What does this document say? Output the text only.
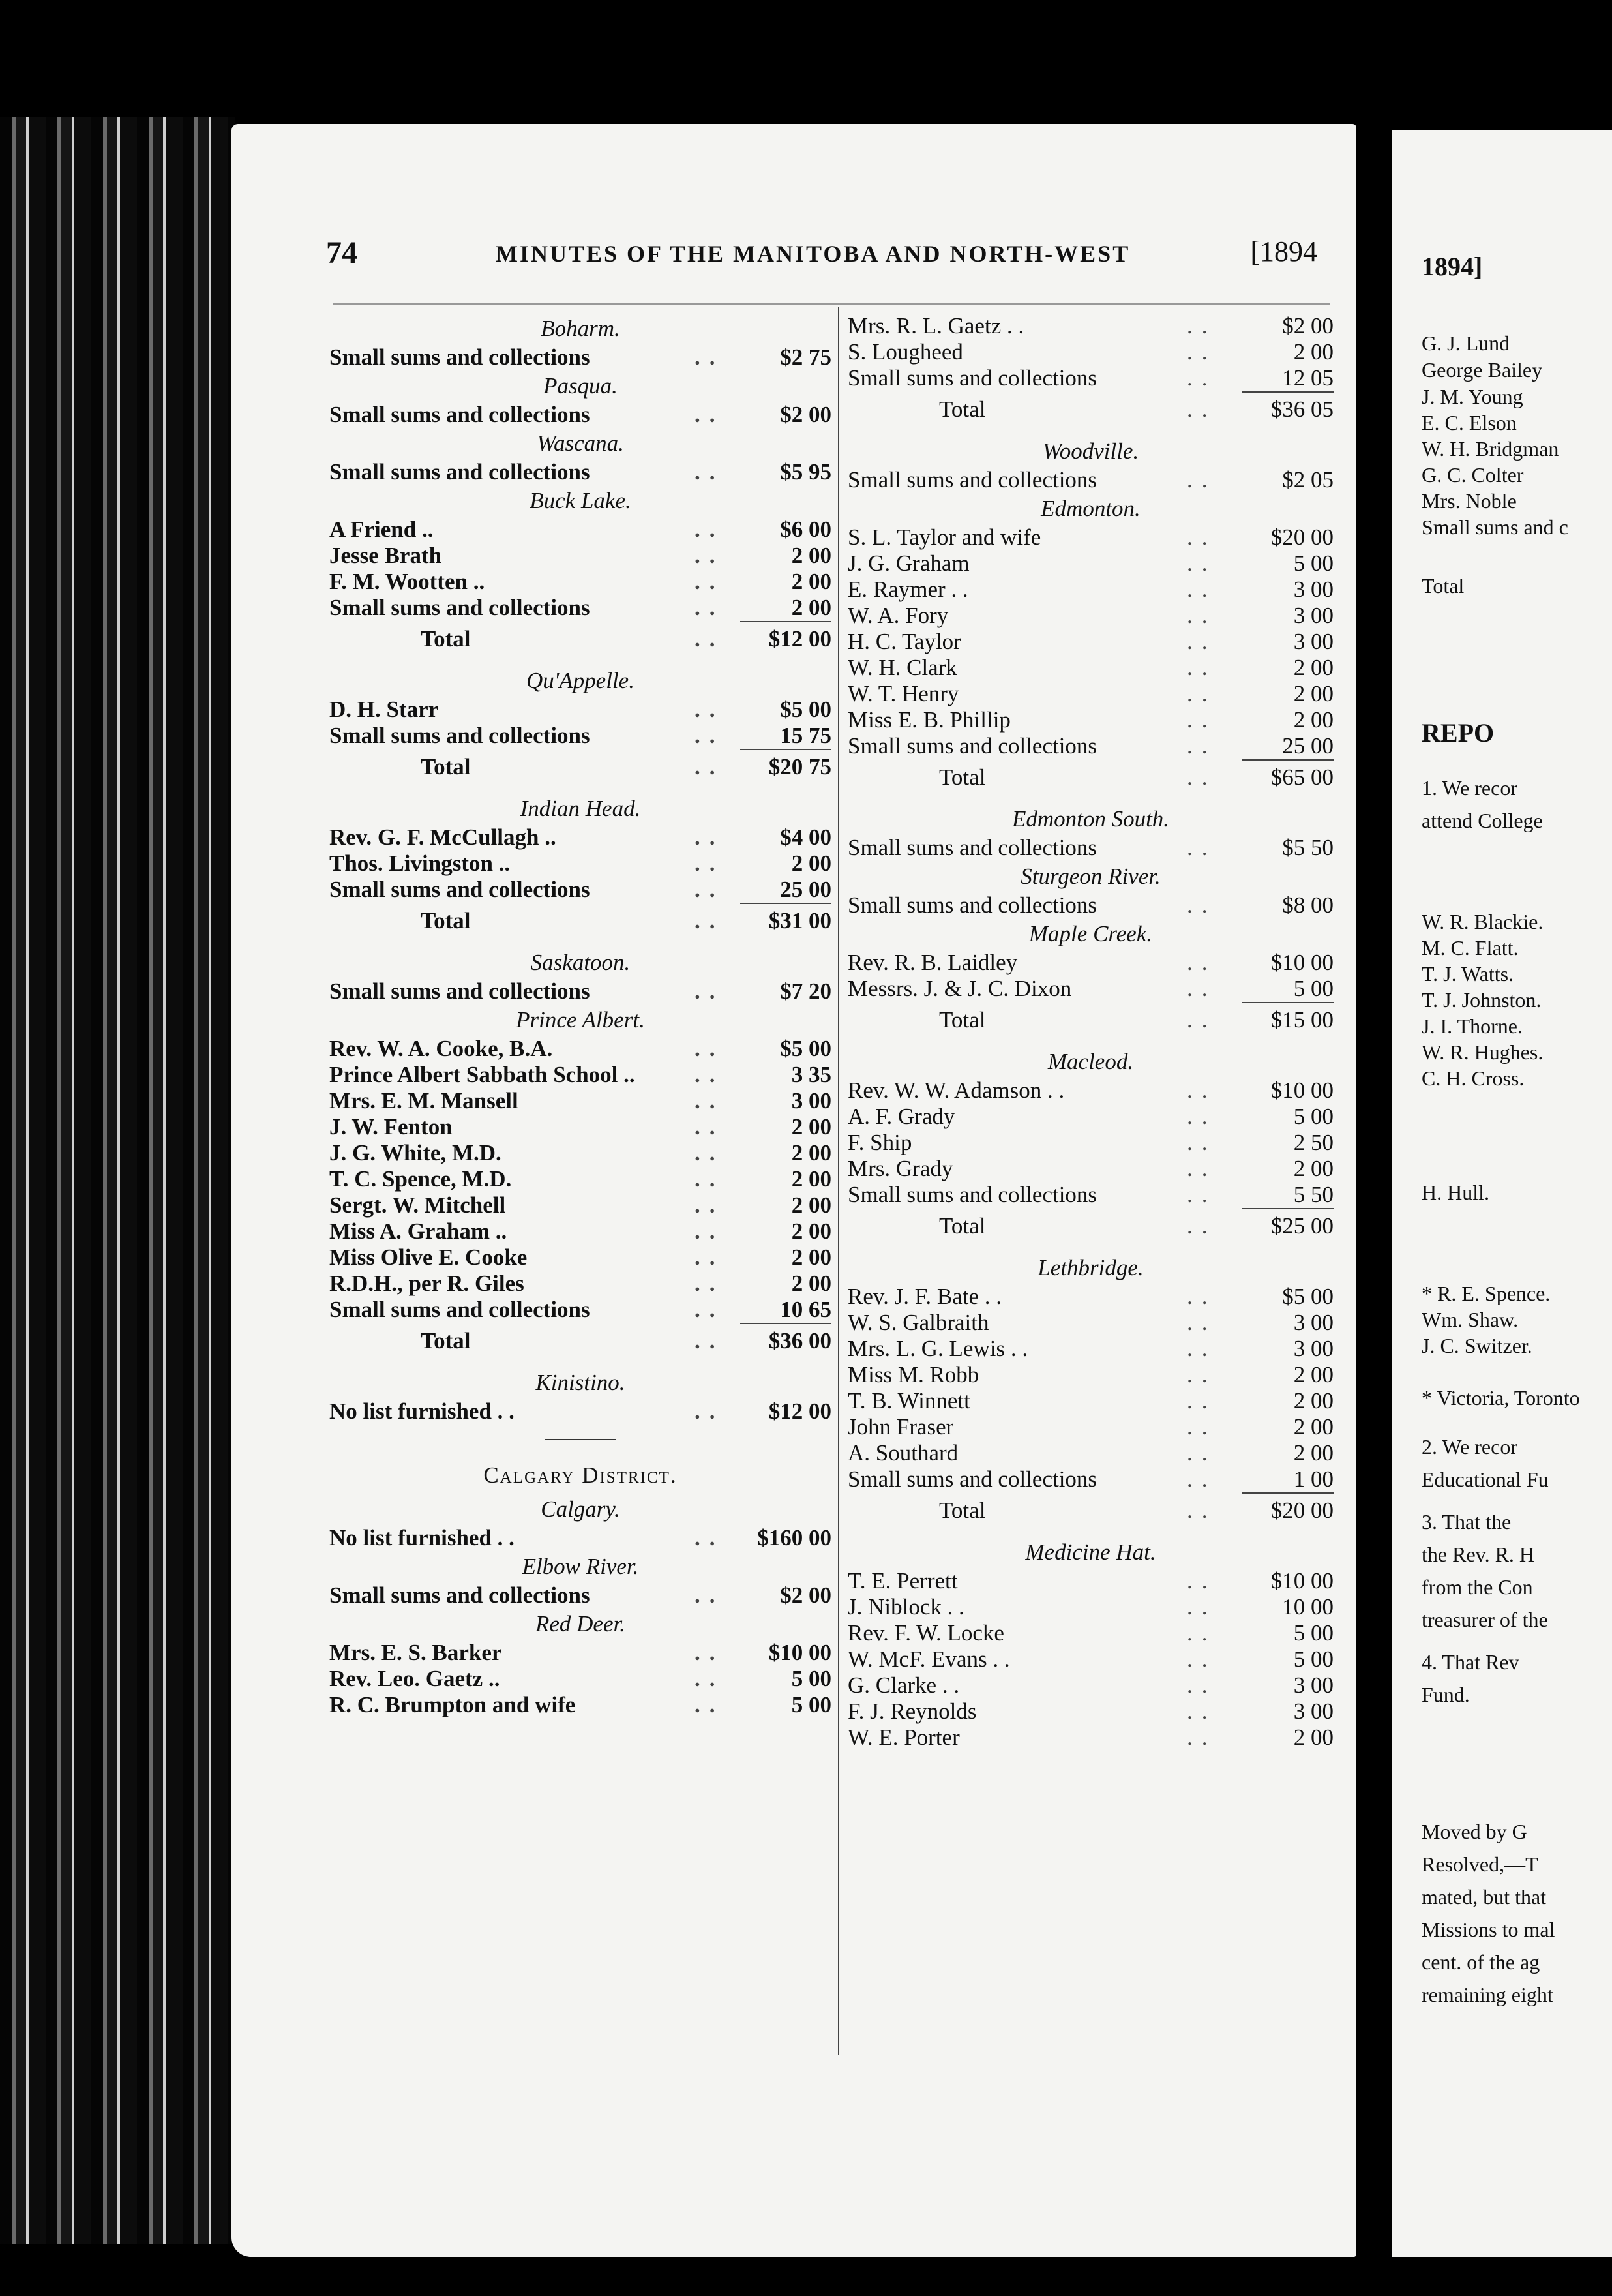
74	MINUTES OF THE MANITOBA AND NORTH-WEST	[1894
Boharm.
Small sums and collections	.. $2 75
Pasqua.
Small sums and collections	.. $2 00
Wascana.
Small sums and collections	.. $5 95
Buck Lake.
A Friend ..	.. $6 00
Jesse Brath	..	2 00
F. M. Wootten ..	..	2 00
Small sums and collections	..	2 00
Total	.. $12 00
Qu'Appelle.
D. H. Starr	.. $5 00
Small sums and collections	.. 15 75
Total	.. $20 75
Indian Head.
Rev. G. F. McCullagh ..	.. $4 00
Thos. Livingston ..	..	2 00
Small sums and collections	.. 25 00
Total	.. $31 00
Saskatoon.
Small sums and collections	.. $7 20
Prince Albert.
Rev. W. A. Cooke, B.A.	.. $5 00
Prince Albert Sabbath School ..	..	3 35
Mrs. E. M. Mansell	..	3 00
J. W. Fenton	..	2 00
J. G. White, M.D.	..	2 00
T. C. Spence, M.D.	..	2 00
Sergt. W. Mitchell	..	2 00
Miss A. Graham ..	..	2 00
Miss Olive E. Cooke	..	2 00
R.D.H., per R. Giles	..	2 00
Small sums and collections	.. 10 65
Total	.. $36 00
Kinistino.
No list furnished . .	.. $12 00
Calgary District.
Calgary.
No list furnished . .	.. $160 00
Elbow River.
Small sums and collections	.. $2 00
Red Deer.
Mrs. E. S. Barker	.. $10 00
Rev. Leo. Gaetz ..	..	5 00
R. C. Brumpton and wife	..	5 00
Mrs. R. L. Gaetz . .	..	$2 00
S. Lougheed	..	2 00
Small sums and collections	..	12 05
Total	.. $36 05
Woodville.
Small sums and collections	..	$2 05
Edmonton.
S. L. Taylor and wife	.. $20 00
J. G. Graham	..	5 00
E. Raymer . .	..	3 00
W. A. Fory	..	3 00
H. C. Taylor	..	3 00
W. H. Clark	..	2 00
W. T. Henry	..	2 00
Miss E. B. Phillip	..	2 00
Small sums and collections	..	25 00
Total	.. $65 00
Edmonton South.
Small sums and collections	..	$5 50
Sturgeon River.
Small sums and collections	..	$8 00
Maple Creek.
Rev. R. B. Laidley	.. $10 00
Messrs. J. & J. C. Dixon	..	5 00
Total	.. $15 00
Macleod.
Rev. W. W. Adamson . .	.. $10 00
A. F. Grady	..	5 00
F. Ship	..	2 50
Mrs. Grady	..	2 00
Small sums and collections	..	5 50
Total	.. $25 00
Lethbridge.
Rev. J. F. Bate . .	..	$5 00
W. S. Galbraith	..	3 00
Mrs. L. G. Lewis . .	..	3 00
Miss M. Robb	..	2 00
T. B. Winnett	..	2 00
John Fraser	..	2 00
A. Southard	..	2 00
Small sums and collections	..	1 00
Total	.. $20 00
Medicine Hat.
T. E. Perrett	.. $10 00
J. Niblock . .	..	10 00
Rev. F. W. Locke	..	5 00
W. McF. Evans . .	..	5 00
G. Clarke . .	..	3 00
F. J. Reynolds	..	3 00
W. E. Porter	..	2 00
1894]
G. J. Lund
George Bailey
J. M. Young
E. C. Elson
W. H. Bridgman
G. C. Colter
Mrs. Noble
Small sums and c
Total
REPO
1. We recor
attend College
W. R. Blackie.
M. C. Flatt.
T. J. Watts.
T. J. Johnston.
J. I. Thorne.
W. R. Hughes.
C. H. Cross.
H. Hull.
* R. E. Spence.
Wm. Shaw.
J. C. Switzer.
* Victoria, Toronto
2. We recor
Educational Fu
3. That the
the Rev. R. H
from the Con
treasurer of the
4. That Rev
Fund.
Moved by G
Resolved,—T
mated, but that
Missions to mal
cent. of the ag
remaining eight
